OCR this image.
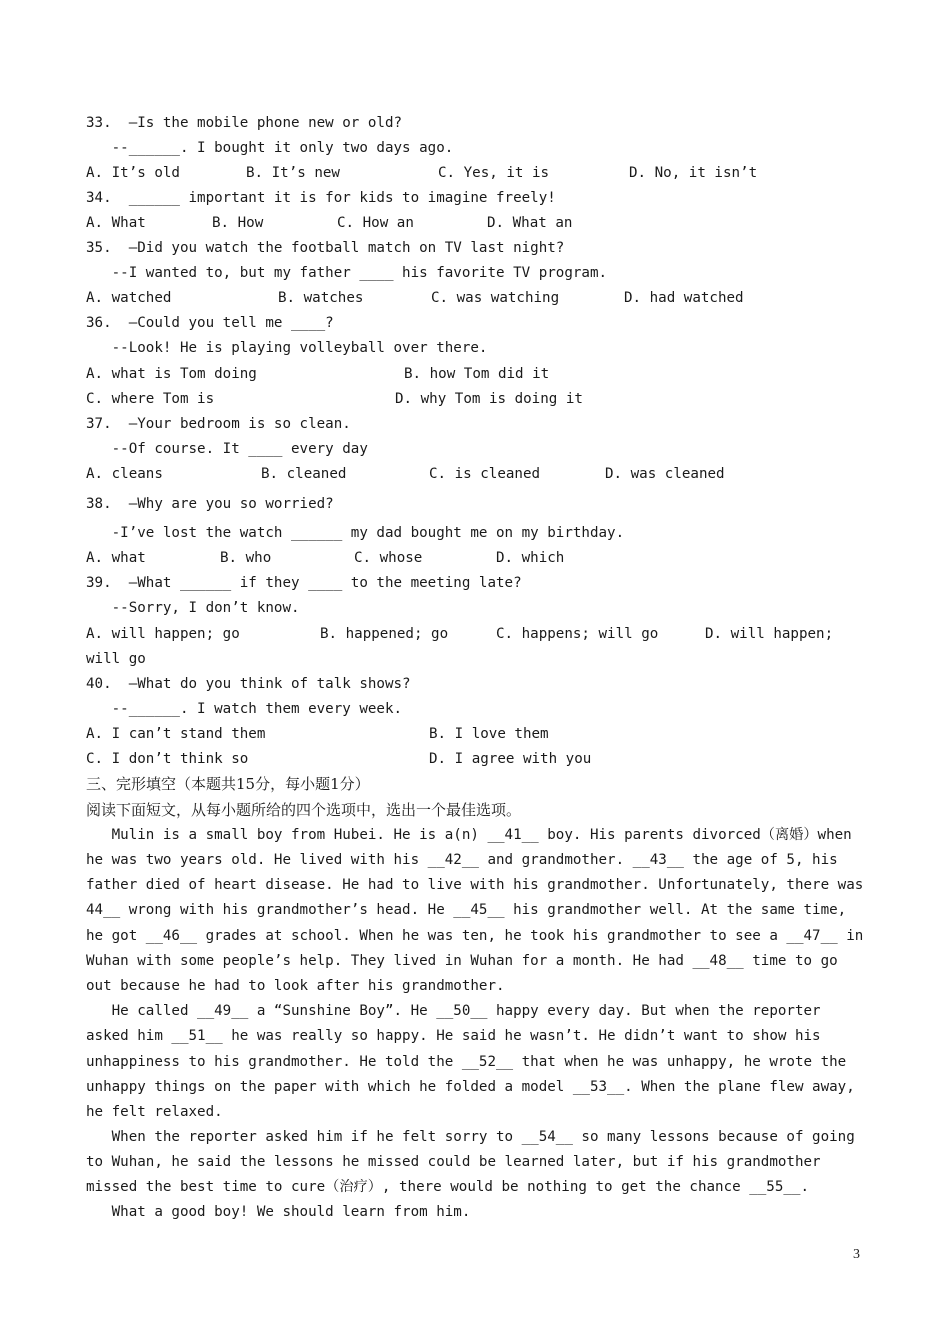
33.  –Is the mobile phone new or old?
--______. I bought it only two days ago.

A. It’s old

	B. It’s new

	C. Yes, it is

	D. No, it isn’t

34.  ______ important it is for kids to imagine freely!

A. What

	B. How

	C. How an

	D. What an

35.  –Did you watch the football match on TV last night?
--I wanted to, but my father ____ his favorite TV program.

A. watched

	B. watches

	C. was watching

	D. had watched

36.  –Could you tell me ____?
--Look! He is playing volleyball over there.

A. what is Tom doing

	B. how Tom did it

C. where Tom is

	D. why Tom is doing it

37.  –Your bedroom is so clean.
--Of course. It ____ every day

A. cleans

	B. cleaned

	C. is cleaned

	D. was cleaned

38.  –Why are you so worried?
-I’ve lost the watch ______ my dad bought me on my birthday.

A. what

	B. who

	C. whose

	D. which

39.  –What ______ if they ____ to the meeting late?
--Sorry, I don’t know.

A. will happen; go

	B. happened; go

	C. happens; will go

	D. will happen;

will go
40.  –What do you think of talk shows?
--______. I watch them every week.

A. I can’t stand them

	B. I love them

C. I don’t think so

	D. I agree with you

三、完形填空（本题共15分，每小题1分）
阅读下面短文，从每小题所给的四个选项中，选出一个最佳选项。
Mulin is a small boy from Hubei. He is a(n) __41__ boy. His parents divorced（离婚）when
he was two years old. He lived with his __42__ and grandmother. __43__ the age of 5, his
father died of heart disease. He had to live with his grandmother. Unfortunately, there was
44__ wrong with his grandmother’s head. He __45__ his grandmother well. At the same time,
he got __46__ grades at school. When he was ten, he took his grandmother to see a __47__ in
Wuhan with some people’s help. They lived in Wuhan for a month. He had __48__ time to go
out because he had to look after his grandmother.
He called __49__ a “Sunshine Boy”. He __50__ happy every day. But when the reporter
asked him __51__ he was really so happy. He said he wasn’t. He didn’t want to show his
unhappiness to his grandmother. He told the __52__ that when he was unhappy, he wrote the
unhappy things on the paper with which he folded a model __53__. When the plane flew away,
he felt relaxed.
When the reporter asked him if he felt sorry to __54__ so many lessons because of going
to Wuhan, he said the lessons he missed could be learned later, but if his grandmother
missed the best time to cure（治疗）, there would be nothing to get the chance __55__.
What a good boy! We should learn from him.
3
